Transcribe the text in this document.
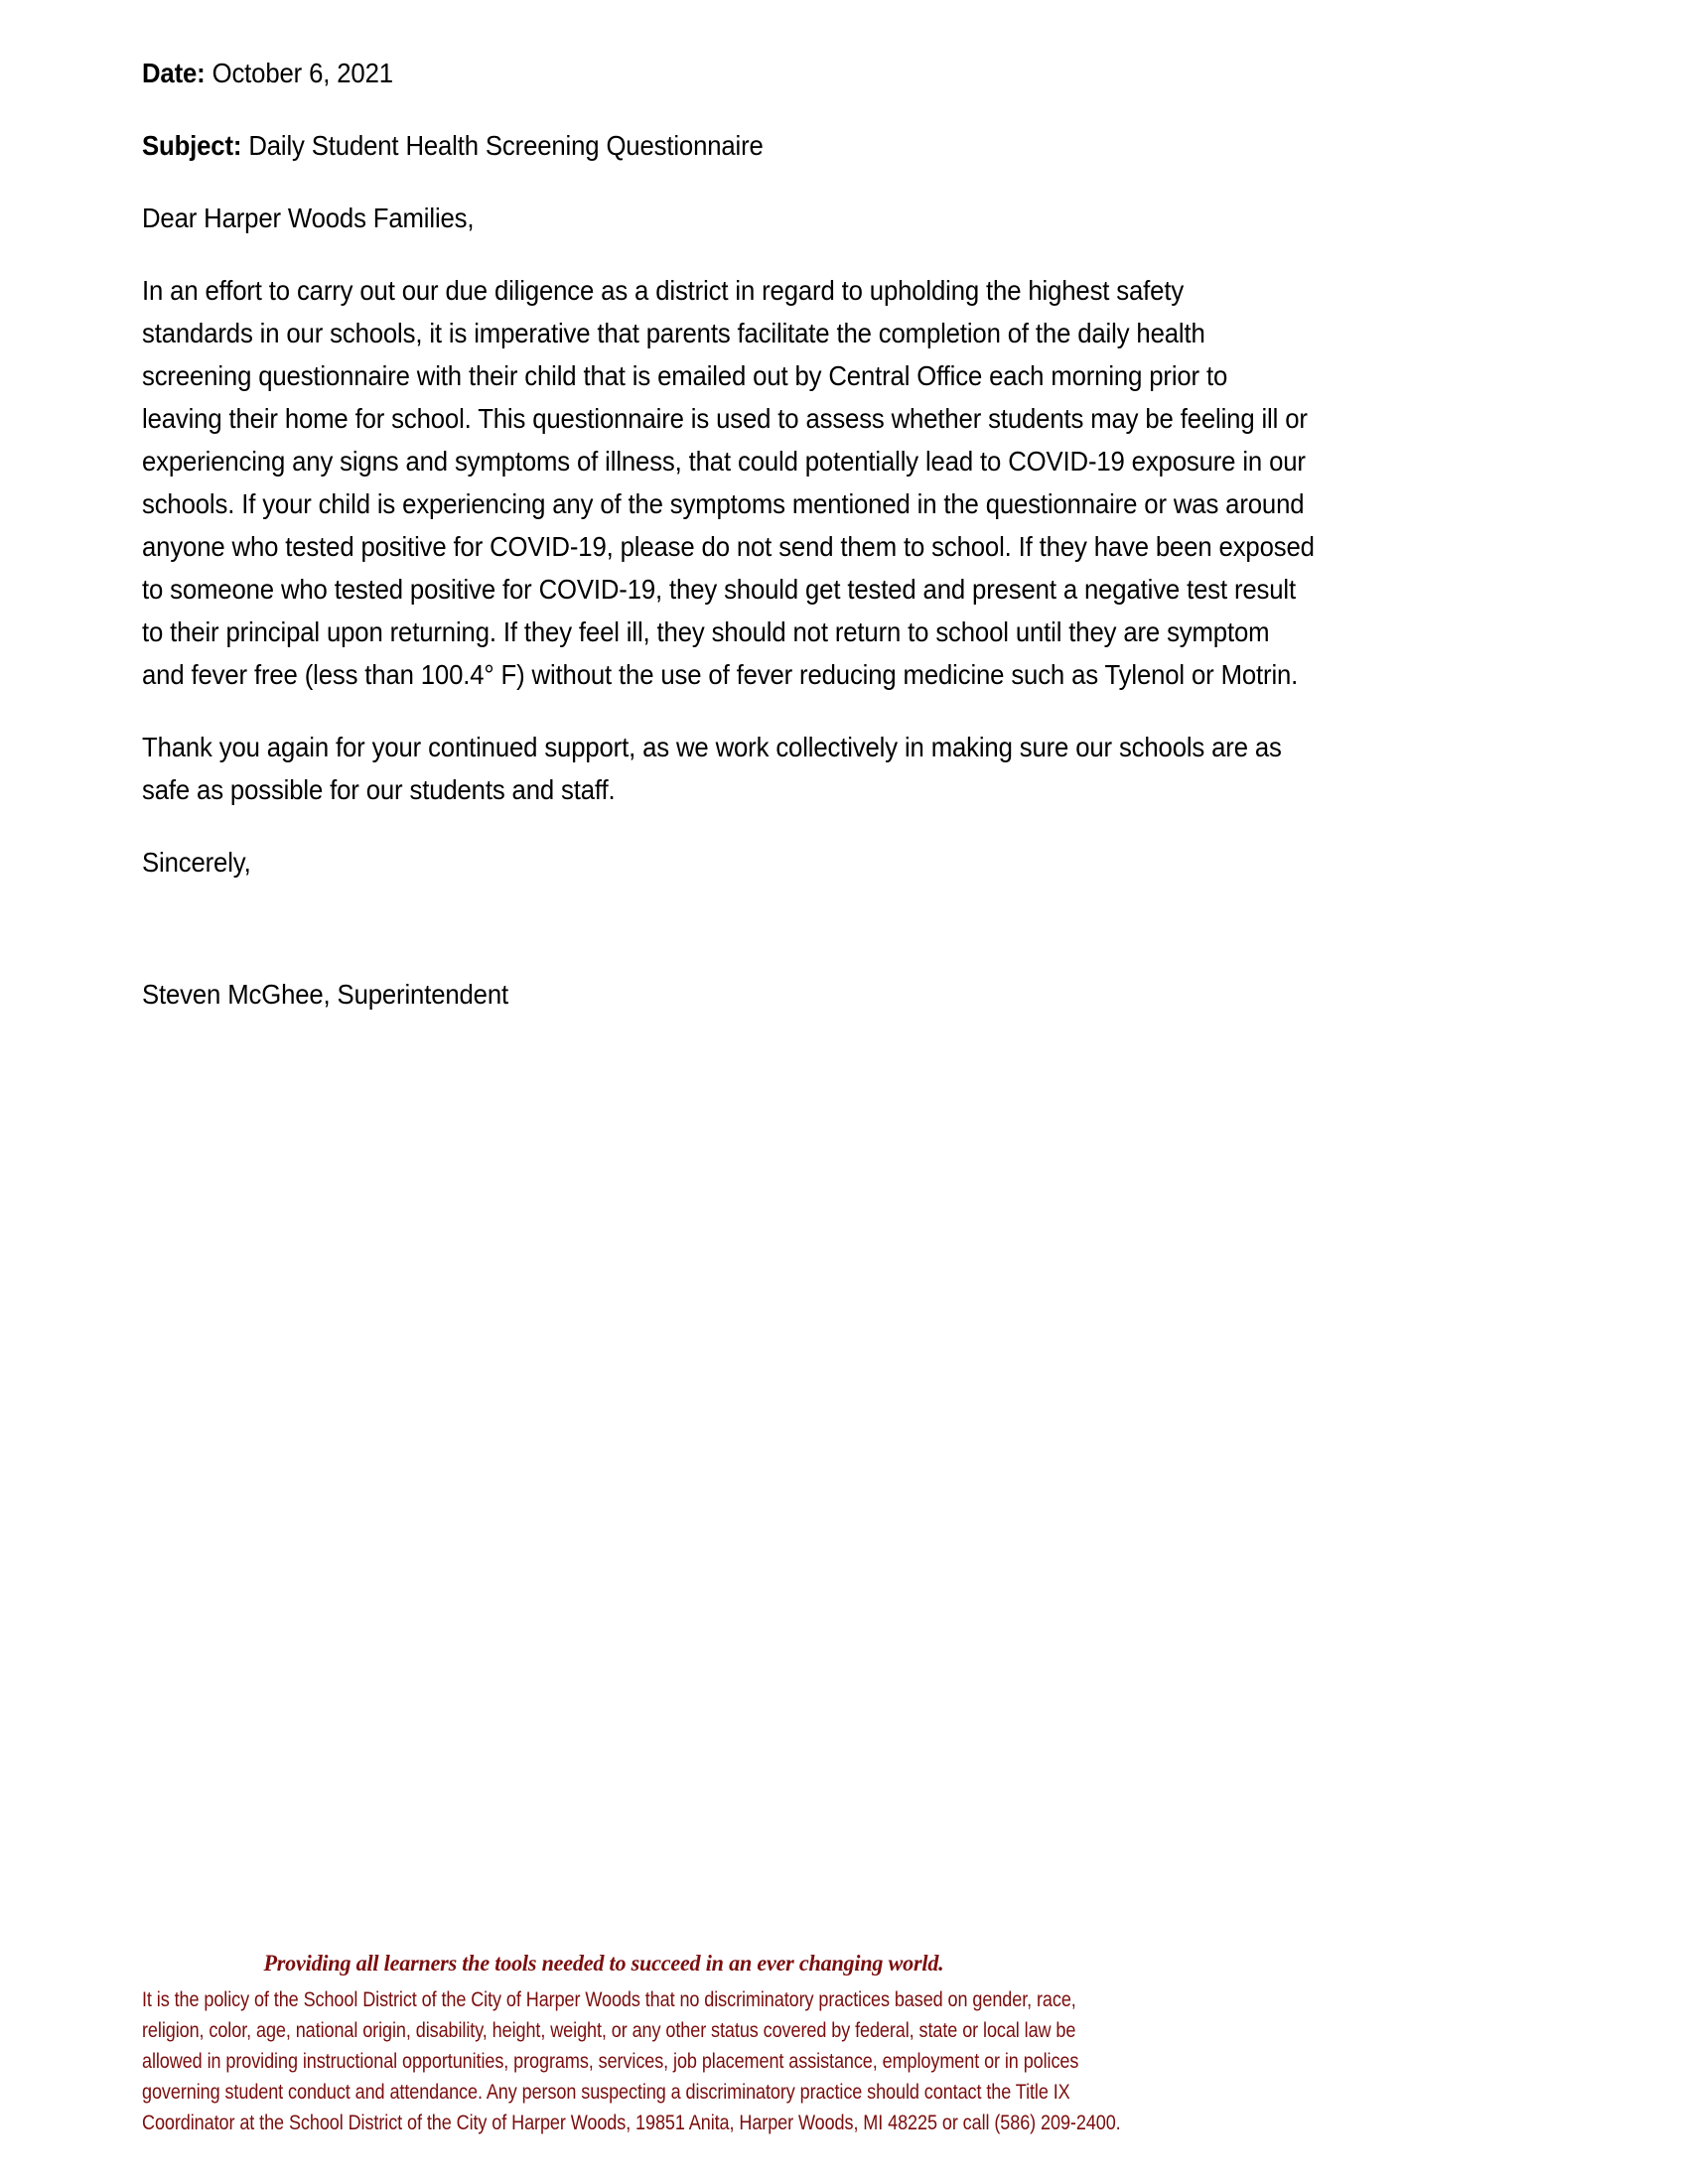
Date: October 6, 2021
Subject: Daily Student Health Screening Questionnaire
Dear Harper Woods Families,
In an effort to carry out our due diligence as a district in regard to upholding the highest safety
standards in our schools, it is imperative that parents facilitate the completion of the daily health
screening questionnaire with their child that is emailed out by Central Office each morning prior to
leaving their home for school. This questionnaire is used to assess whether students may be feeling ill or
experiencing any signs and symptoms of illness, that could potentially lead to COVID-19 exposure in our
schools. If your child is experiencing any of the symptoms mentioned in the questionnaire or was around
anyone who tested positive for COVID-19, please do not send them to school. If they have been exposed
to someone who tested positive for COVID-19, they should get tested and present a negative test result
to their principal upon returning. If they feel ill, they should not return to school until they are symptom
and fever free (less than 100.4° F) without the use of fever reducing medicine such as Tylenol or Motrin.
Thank you again for your continued support, as we work collectively in making sure our schools are as
safe as possible for our students and staff.
Sincerely,
Steven McGhee, Superintendent
Providing all learners the tools needed to succeed in an ever changing world.
It is the policy of the School District of the City of Harper Woods that no discriminatory practices based on gender, race,
religion, color, age, national origin, disability, height, weight, or any other status covered by federal, state or local law be
allowed in providing instructional opportunities, programs, services, job placement assistance, employment or in polices
governing student conduct and attendance. Any person suspecting a discriminatory practice should contact the Title IX
Coordinator at the School District of the City of Harper Woods, 19851 Anita, Harper Woods, MI 48225 or call (586) 209-2400.
